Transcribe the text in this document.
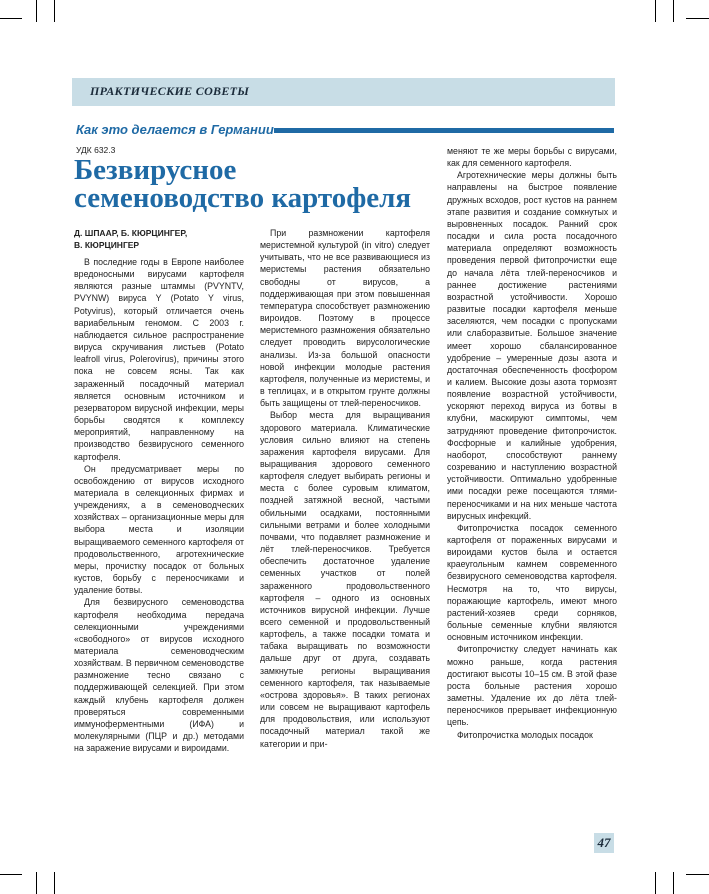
ПРАКТИЧЕСКИЕ СОВЕТЫ
Как это делается в Германии
УДК 632.3
Безвирусное
семеноводство картофеля
Д. ШПААР, Б. КЮРЦИНГЕР,
В. КЮРЦИНГЕР

В последние годы в Европе наиболее вредоносными вирусами картофеля являются разные штаммы (PVYNTV, PVYNW) вируса Y (Potato Y virus, Potyvirus), который отличается очень вариабельным геномом. С 2003 г. наблюдается сильное распространение вируса скручивания листьев (Potato leafroll virus, Polerovirus), причины этого пока не совсем ясны. Так как зараженный посадочный материал является основным источником и резерватором вирусной инфекции, меры борьбы сводятся к комплексу мероприятий, направленному на производство безвирусного семенного картофеля.

Он предусматривает меры по освобождению от вирусов исходного материала в селекционных фирмах и учреждениях, а в семеноводческих хозяйствах – организационные меры для выбора места и изоляции выращиваемого семенного картофеля от продовольственного, агротехнические меры, прочистку посадок от больных кустов, борьбу с переносчиками и удаление ботвы.

Для безвирусного семеноводства картофеля необходима передача селекционными учреждениями «свободного» от вирусов исходного материала семеноводческим хозяйствам. В первичном семеноводстве размножение тесно связано с поддерживающей селекцией. При этом каждый клубень картофеля должен проверяться современными иммуноферментными (ИФА) и молекулярными (ПЦР и др.) методами на заражение вирусами и вироидами.

При размножении картофеля меристемной культурой (in vitro) следует учитывать, что не все развивающиеся из меристемы растения обязательно свободны от вирусов, а поддерживающая при этом повышенная температура способствует размножению вироидов. Поэтому в процессе меристемного размножения обязательно следует проводить вирусологические анализы. Из-за большой опасности новой инфекции молодые растения картофеля, полученные из меристемы, и в теплицах, и в открытом грунте должны быть защищены от тлей-переносчиков.

Выбор места для выращивания здорового материала. Климатические условия сильно влияют на степень заражения картофеля вирусами. Для выращивания здорового семенного картофеля следует выбирать регионы и места с более суровым климатом, поздней затяжной весной, частыми обильными осадками, постоянными сильными ветрами и более холодными почвами, что подавляет размножение и лёт тлей-переносчиков. Требуется обеспечить достаточное удаление семенных участков от полей зараженного продовольственного картофеля – одного из основных источников вирусной инфекции. Лучше всего семенной и продовольственный картофель, а также посадки томата и табака выращивать по возможности дальше друг от друга, создавать замкнутые регионы выращивания семенного картофеля, так называемые «острова здоровья». В таких регионах или совсем не выращивают картофель для продовольствия, или используют посадочный материал такой же категории и при-

меняют те же меры борьбы с вирусами, как для семенного картофеля.

Агротехнические меры должны быть направлены на быстрое появление дружных всходов, рост кустов на раннем этапе развития и создание сомкнутых и выровненных посадок. Ранний срок посадки и сила роста посадочного материала определяют возможность проведения первой фитопрочистки еще до начала лёта тлей-переносчиков и раннее достижение растениями возрастной устойчивости. Хорошо развитые посадки картофеля меньше заселяются, чем посадки с пропусками или слаборазвитые. Большое значение имеет хорошо сбалансированное удобрение – умеренные дозы азота и достаточная обеспеченность фосфором и калием. Высокие дозы азота тормозят появление возрастной устойчивости, ускоряют переход вируса из ботвы в клубни, маскируют симптомы, чем затрудняют проведение фитопрочисток. Фосфорные и калийные удобрения, наоборот, способствуют раннему созреванию и наступлению возрастной устойчивости. Оптимально удобренные ими посадки реже посещаются тлями-переносчиками и на них меньше частота вирусных инфекций.

Фитопрочистка посадок семенного картофеля от пораженных вирусами и вироидами кустов была и остается краеугольным камнем современного безвирусного семеноводства картофеля. Несмотря на то, что вирусы, поражающие картофель, имеют много растений-хозяев среди сорняков, больные семенные клубни являются основным источником инфекции.

Фитопрочистку следует начинать как можно раньше, когда растения достигают высоты 10–15 см. В этой фазе роста больные растения хорошо заметны. Удаление их до лёта тлей-переносчиков прерывает инфекционную цепь.

Фитопрочистка молодых посадок

47
